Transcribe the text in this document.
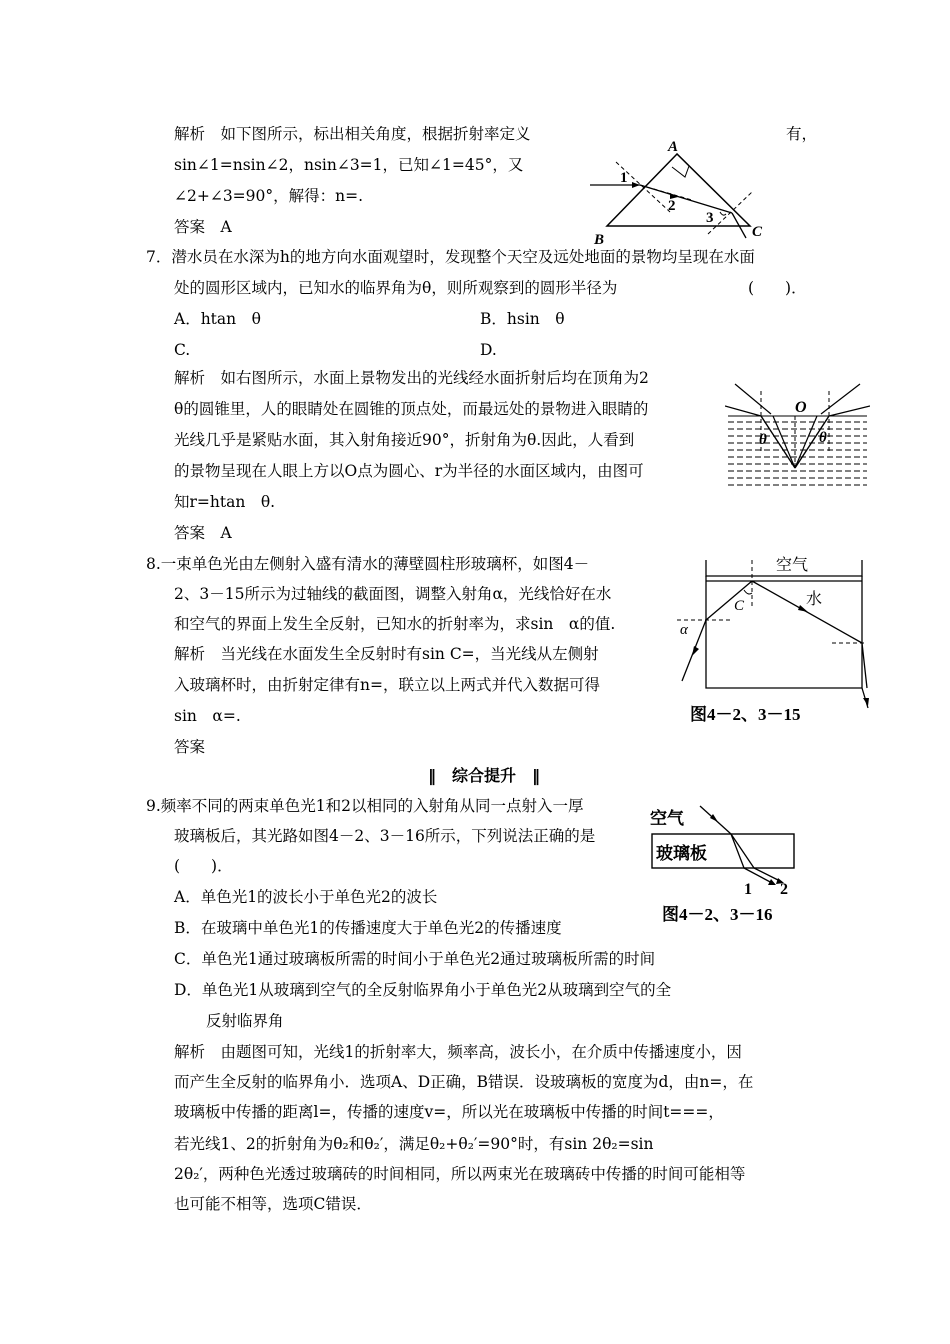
解析　如下图所示，标出相关角度，根据折射率定义	有，
sin∠1=nsin∠2，nsin∠3=1，已知∠1=45°，又
∠2+∠3=90°，解得：n=.
答案　A
A
B	C
1
2
3
7．潜水员在水深为h的地方向水面观望时，发现整个天空及远处地面的景物均呈现在水面
处的圆形区域内，已知水的临界角为θ，则所观察到的圆形半径为	(　　)．
A．htan　θ	B．hsin　θ
C.	D.
解析　如右图所示，水面上景物发出的光线经水面折射后均在顶角为2
θ的圆锥里，人的眼睛处在圆锥的顶点处，而最远处的景物进入眼睛的
光线几乎是紧贴水面，其入射角接近90°，折射角为θ.因此，人看到
的景物呈现在人眼上方以O点为圆心、r为半径的水面区域内，由图可
知r=htan　θ.
答案　A
O
θ	θ
8.一束单色光由左侧射入盛有清水的薄壁圆柱形玻璃杯，如图4－
2、3－15所示为过轴线的截面图，调整入射角α，光线恰好在水
和空气的界面上发生全反射，已知水的折射率为，求sin　α的值.
解析　当光线在水面发生全反射时有sin C=，当光线从左侧射
入玻璃杯时，由折射定律有n=，联立以上两式并代入数据可得
sin　α=.
答案
空气
水
C
α
图4－2、3－15
‖　综合提升　‖
9.频率不同的两束单色光1和2以相同的入射角从同一点射入一厚
玻璃板后，其光路如图4－2、3－16所示，下列说法正确的是
(　　)．
A．单色光1的波长小于单色光2的波长
B．在玻璃中单色光1的传播速度大于单色光2的传播速度
C．单色光1通过玻璃板所需的时间小于单色光2通过玻璃板所需的时间
D．单色光1从玻璃到空气的全反射临界角小于单色光2从玻璃到空气的全
反射临界角
解析　由题图可知，光线1的折射率大，频率高，波长小，在介质中传播速度小，因
而产生全反射的临界角小．选项A、D正确，B错误．设玻璃板的宽度为d，由n=，在
玻璃板中传播的距离l=，传播的速度v=，所以光在玻璃板中传播的时间t===，
若光线1、2的折射角为θ₂和θ₂′，满足θ₂+θ₂′=90°时，有sin 2θ₂=sin
2θ₂′，两种色光透过玻璃砖的时间相同，所以两束光在玻璃砖中传播的时间可能相等
也可能不相等，选项C错误．
空气
玻璃板
1 2
图4－2、3－16
